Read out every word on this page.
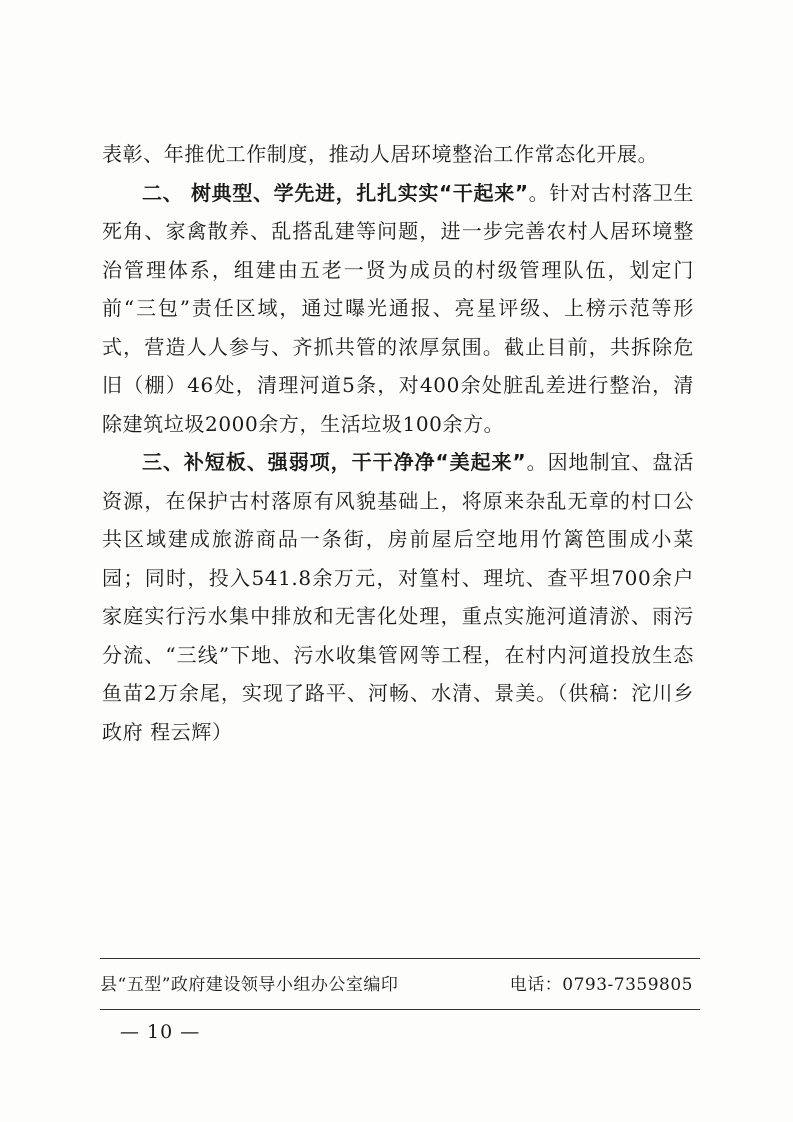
表彰、年推优工作制度，推动人居环境整治工作常态化开展。

二、 树典型、学先进，扎扎实实“干起来”。针对古村落卫生死角、家禽散养、乱搭乱建等问题，进一步完善农村人居环境整治管理体系，组建由五老一贤为成员的村级管理队伍，划定门前“三包”责任区域，通过曝光通报、亮星评级、上榜示范等形式，营造人人参与、齐抓共管的浓厚氛围。截止目前，共拆除危旧（棚）46处，清理河道5条，对400余处脏乱差进行整治，清除建筑垃圾2000余方，生活垃圾100余方。

三、补短板、强弱项，干干净净“美起来”。因地制宜、盘活资源，在保护古村落原有风貌基础上，将原来杂乱无章的村口公共区域建成旅游商品一条街，房前屋后空地用竹篱笆围成小菜园；同时，投入541.8余万元，对篁村、理坑、查平坦700余户家庭实行污水集中排放和无害化处理，重点实施河道清淤、雨污分流、“三线”下地、污水收集管网等工程，在村内河道投放生态鱼苗2万余尾，实现了路平、河畅、水清、景美。（供稿：沱川乡政府 程云辉）

县“五型”政府建设领导小组办公室编印	电话：0793-7359805
— 10 —
